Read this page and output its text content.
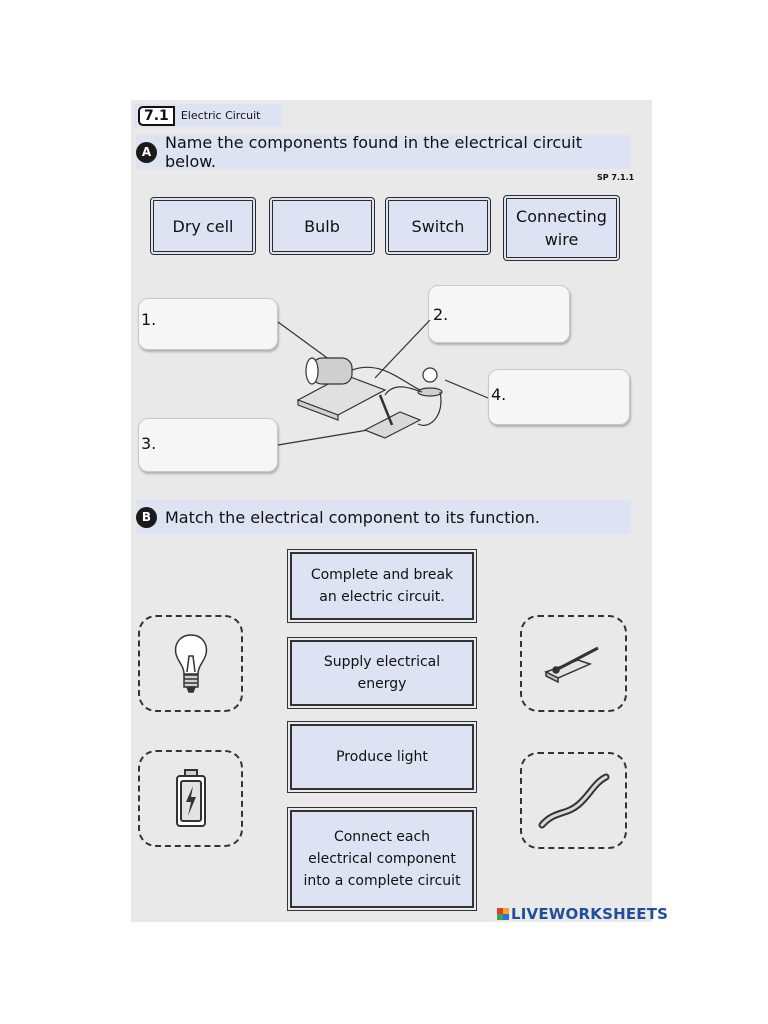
7.1	Electric Circuit
A Name the components found in the electrical circuit below.
SP 7.1.1
Dry cell	Bulb	Switch	Connecting wire
1.	2.
3.
4.
B Match the electrical component to its function.
Complete and break an electric circuit.
Supply electrical energy
Produce light
Connect each electrical component into a complete circuit
LIVEWORKSHEETS
